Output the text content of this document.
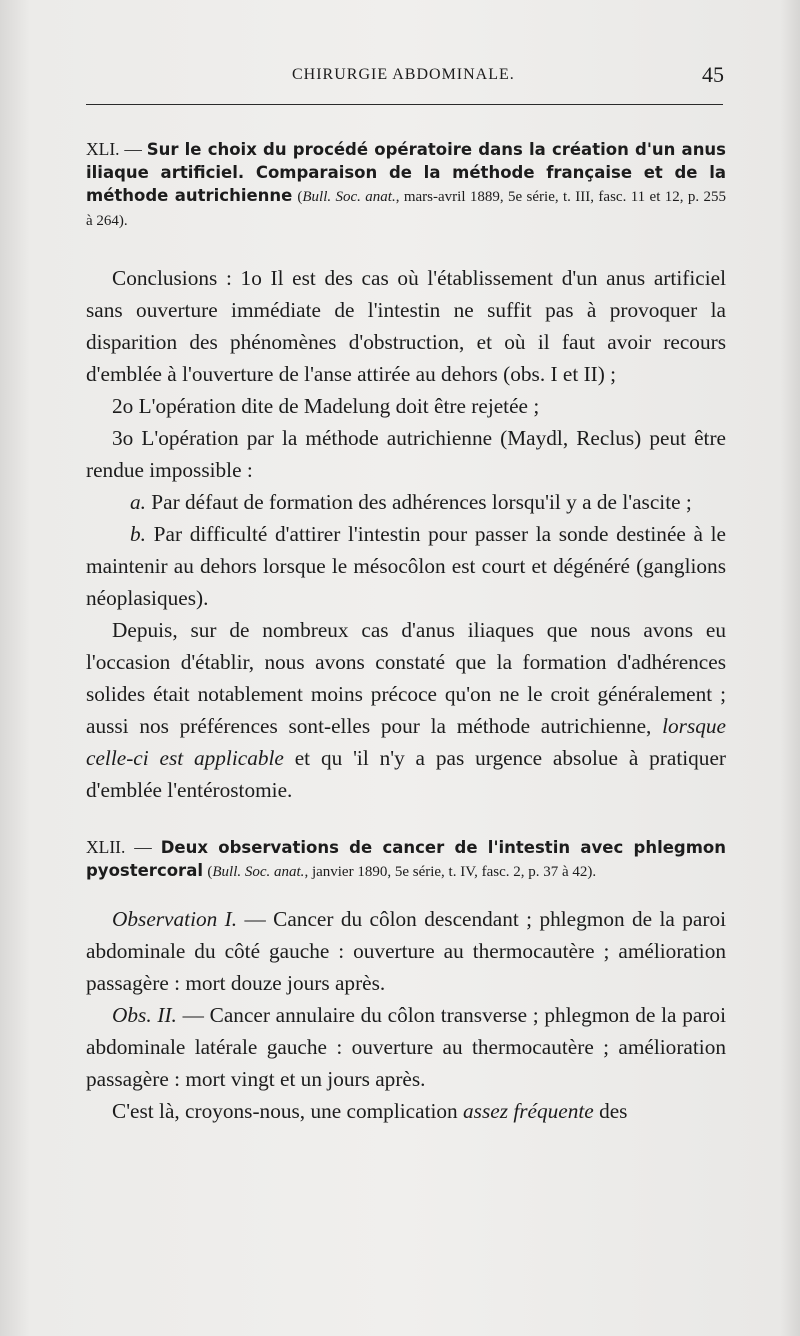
CHIRURGIE ABDOMINALE.	45

XLI. — Sur le choix du procédé opératoire dans la création d'un anus iliaque artificiel. Comparaison de la méthode française et de la méthode autrichienne (Bull. Soc. anat., mars-avril 1889, 5e série, t. III, fasc. 11 et 12, p. 255 à 264).

Conclusions : 1o Il est des cas où l'établissement d'un anus artificiel sans ouverture immédiate de l'intestin ne suffit pas à provoquer la disparition des phénomènes d'obstruction, et où il faut avoir recours d'emblée à l'ouverture de l'anse attirée au dehors (obs. I et II) ;

2o L'opération dite de Madelung doit être rejetée ;

3o L'opération par la méthode autrichienne (Maydl, Reclus) peut être rendue impossible :

a. Par défaut de formation des adhérences lorsqu'il y a de l'ascite ;

b. Par difficulté d'attirer l'intestin pour passer la sonde destinée à le maintenir au dehors lorsque le mésocôlon est court et dégénéré (ganglions néoplasiques).

Depuis, sur de nombreux cas d'anus iliaques que nous avons eu l'occasion d'établir, nous avons constaté que la formation d'adhérences solides était notablement moins précoce qu'on ne le croit généralement ; aussi nos préférences sont-elles pour la méthode autrichienne, lorsque celle-ci est applicable et qu 'il n'y a pas urgence absolue à pratiquer d'emblée l'entérostomie.

XLII. — Deux observations de cancer de l'intestin avec phlegmon pyostercoral (Bull. Soc. anat., janvier 1890, 5e série, t. IV, fasc. 2, p. 37 à 42).

Observation I. — Cancer du côlon descendant ; phlegmon de la paroi abdominale du côté gauche : ouverture au thermocautère ; amélioration passagère : mort douze jours après.

Obs. II. — Cancer annulaire du côlon transverse ; phlegmon de la paroi abdominale latérale gauche : ouverture au thermocautère ; amélioration passagère : mort vingt et un jours après.

C'est là, croyons-nous, une complication assez fréquente des
